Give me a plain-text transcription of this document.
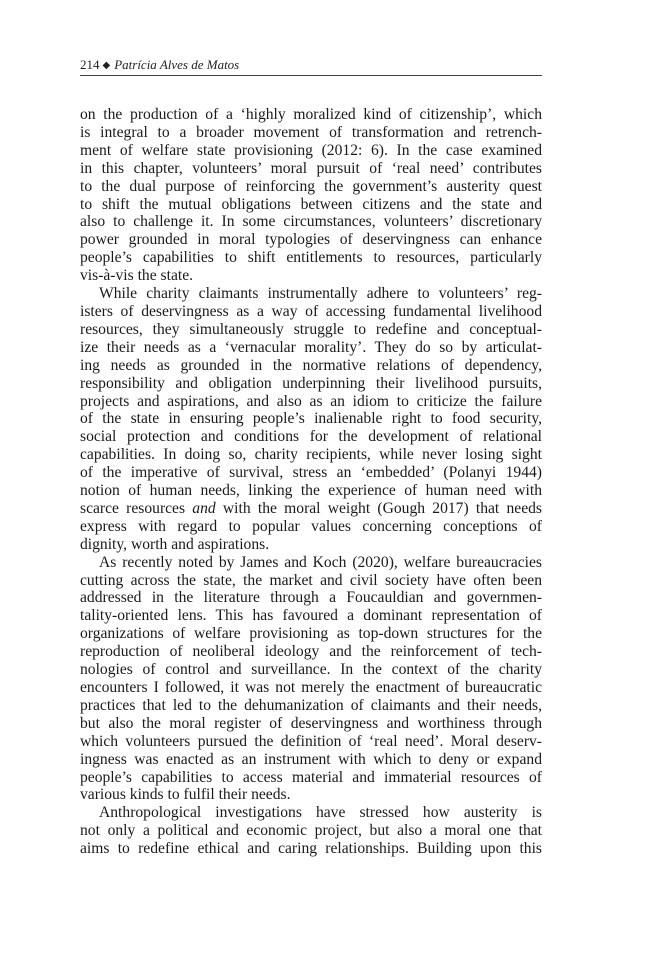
214 ◆ Patrícia Alves de Matos
on the production of a ‘highly moralized kind of citizenship’, which
is integral to a broader movement of transformation and retrench-
ment of welfare state provisioning (2012: 6). In the case examined
in this chapter, volunteers’ moral pursuit of ‘real need’ contributes
to the dual purpose of reinforcing the government’s austerity quest
to shift the mutual obligations between citizens and the state and
also to challenge it. In some circumstances, volunteers’ discretionary
power grounded in moral typologies of deservingness can enhance
people’s capabilities to shift entitlements to resources, particularly
vis-à-vis the state.
While charity claimants instrumentally adhere to volunteers’ reg-
isters of deservingness as a way of accessing fundamental livelihood
resources, they simultaneously struggle to redefine and conceptual-
ize their needs as a ‘vernacular morality’. They do so by articulat-
ing needs as grounded in the normative relations of dependency,
responsibility and obligation underpinning their livelihood pursuits,
projects and aspirations, and also as an idiom to criticize the failure
of the state in ensuring people’s inalienable right to food security,
social protection and conditions for the development of relational
capabilities. In doing so, charity recipients, while never losing sight
of the imperative of survival, stress an ‘embedded’ (Polanyi 1944)
notion of human needs, linking the experience of human need with
scarce resources and with the moral weight (Gough 2017) that needs
express with regard to popular values concerning conceptions of
dignity, worth and aspirations.
As recently noted by James and Koch (2020), welfare bureaucracies
cutting across the state, the market and civil society have often been
addressed in the literature through a Foucauldian and governmen-
tality-oriented lens. This has favoured a dominant representation of
organizations of welfare provisioning as top-down structures for the
reproduction of neoliberal ideology and the reinforcement of tech-
nologies of control and surveillance. In the context of the charity
encounters I followed, it was not merely the enactment of bureaucratic
practices that led to the dehumanization of claimants and their needs,
but also the moral register of deservingness and worthiness through
which volunteers pursued the definition of ‘real need’. Moral deserv-
ingness was enacted as an instrument with which to deny or expand
people’s capabilities to access material and immaterial resources of
various kinds to fulfil their needs.
Anthropological investigations have stressed how austerity is
not only a political and economic project, but also a moral one that
aims to redefine ethical and caring relationships. Building upon this
